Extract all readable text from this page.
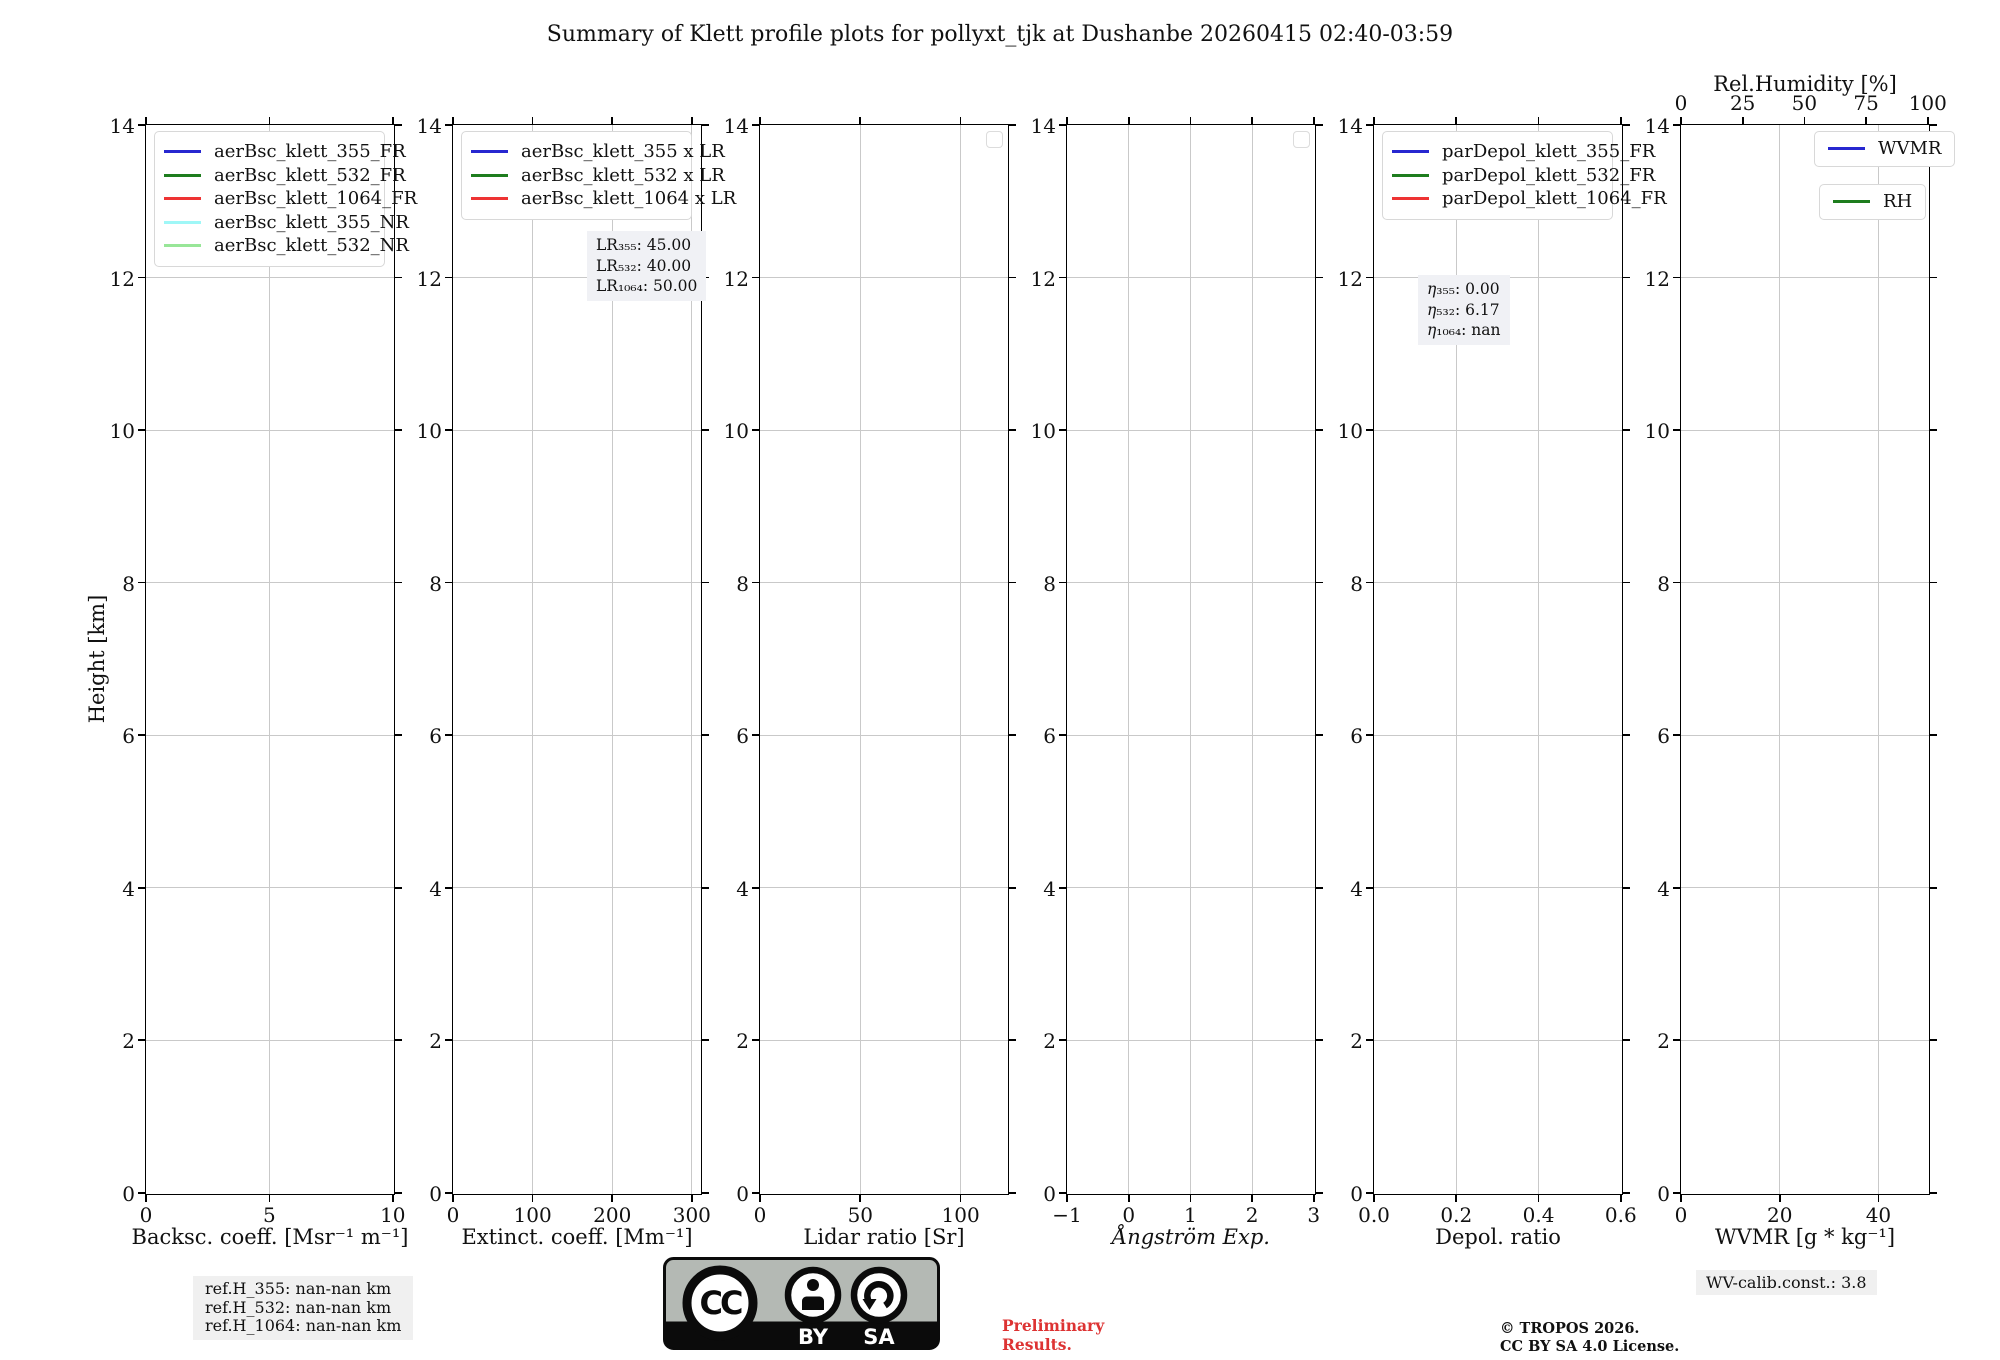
Summary of Klett profile plots for pollyxt_tjk at Dushanbe 20260415 02:40-03:59
Height [km]
0	5	10
0
2
4
6
8
10
12
14
Backsc. coeff. [Msr⁻¹ m⁻¹]
aerBsc_klett_355_FR
aerBsc_klett_532_FR
aerBsc_klett_1064_FR
aerBsc_klett_355_NR
aerBsc_klett_532_NR
0	100	200	300
0
2
4
6
8
10
12
14
Extinct. coeff. [Mm⁻¹]
aerBsc_klett_355 x LR
aerBsc_klett_532 x LR
aerBsc_klett_1064 x LR
LR₃₅₅: 45.00
LR₅₃₂: 40.00
LR₁₀₆₄: 50.00
0	50	100
0
2
4
6
8
10
12
14
Lidar ratio [Sr]
−1	0	1	2	3
0
2
4
6
8
10
12
14
Ångström Exp.
0.0	0.2	0.4	0.6
0
2
4
6
8
10
12
14
Depol. ratio
parDepol_klett_355_FR
parDepol_klett_532_FR
parDepol_klett_1064_FR
η₃₅₅: 0.00
η₅₃₂: 6.17
η₁₀₆₄: nan
0	20	40
0
2
4
6
8
10
12
14
WVMR [g * kg⁻¹]
Rel.Humidity [%]
0	25	50	75	100
WVMR
RH
ref.H_355: nan-nan km
ref.H_532: nan-nan km
ref.H_1064: nan-nan km
CC
BY SA	Preliminary
Results.
© TROPOS 2026.
CC BY SA 4.0 License.
WV-calib.const.: 3.8
